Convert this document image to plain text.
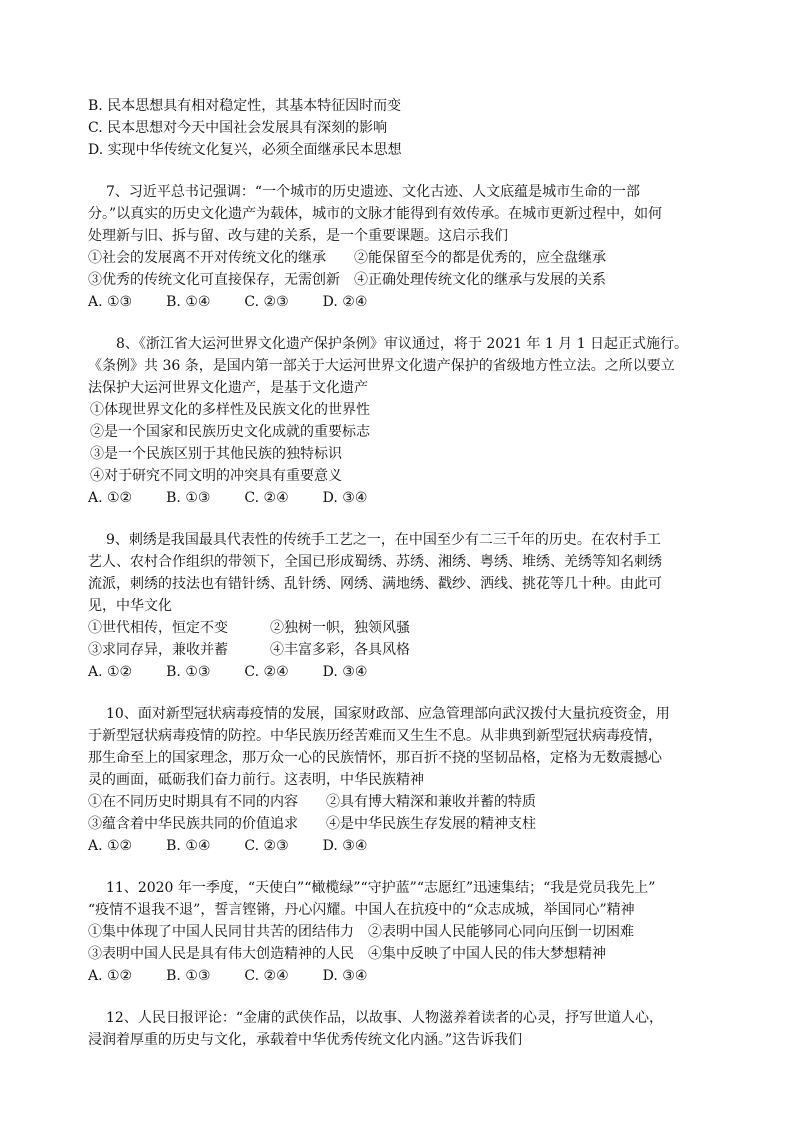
B. 民本思想具有相对稳定性，其基本特征因时而变
C. 民本思想对今天中国社会发展具有深刻的影响
D. 实现中华传统文化复兴，必须全面继承民本思想
7、习近平总书记强调：“一个城市的历史遗迹、文化古迹、人文底蕴是城市生命的一部
分。”以真实的历史文化遗产为载体，城市的文脉才能得到有效传承。在城市更新过程中，如何
处理新与旧、拆与留、改与建的关系，是一个重要课题。这启示我们
①社会的发展离不开对传统文化的继承　　②能保留至今的都是优秀的，应全盘继承
③优秀的传统文化可直接保存，无需创新　④正确处理传统文化的继承与发展的关系
A. ①③ B. ①④ C. ②③ D. ②④
8、《浙江省大运河世界文化遗产保护条例》审议通过，将于 2021 年 1 月 1 日起正式施行。
《条例》共 36 条，是国内第一部关于大运河世界文化遗产保护的省级地方性立法。之所以要立
法保护大运河世界文化遗产，是基于文化遗产
①体现世界文化的多样性及民族文化的世界性
②是一个国家和民族历史文化成就的重要标志
③是一个民族区别于其他民族的独特标识
④对于研究不同文明的冲突具有重要意义
A. ①② B. ①③ C. ②④ D. ③④
9、刺绣是我国最具代表性的传统手工艺之一，在中国至少有二三千年的历史。在农村手工
艺人、农村合作组织的带领下，全国已形成蜀绣、苏绣、湘绣、粤绣、堆绣、羌绣等知名刺绣
流派，刺绣的技法也有错针绣、乱针绣、网绣、满地绣、戳纱、洒线、挑花等几十种。由此可
见，中华文化
①世代相传，恒定不变　　　②独树一帜，独领风骚
③求同存异，兼收并蓄　　　④丰富多彩，各具风格
A. ①② B. ①③ C. ②④ D. ③④
10、面对新型冠状病毒疫情的发展，国家财政部、应急管理部向武汉拨付大量抗疫资金，用
于新型冠状病毒疫情的防控。中华民族历经苦难而又生生不息。从非典到新型冠状病毒疫情，
那生命至上的国家理念，那万众一心的民族情怀，那百折不挠的坚韧品格，定格为无数震撼心
灵的画面，砥砺我们奋力前行。这表明，中华民族精神
①在不同历史时期具有不同的内容　　②具有博大精深和兼收并蓄的特质
③蕴含着中华民族共同的价值追求　　④是中华民族生存发展的精神支柱
A. ①② B. ①④ C. ②③ D. ③④
11、2020 年一季度，“天使白”“橄榄绿”“守护蓝”“志愿红”迅速集结；“我是党员我先上”
“疫情不退我不退”，誓言铿锵，丹心闪耀。中国人在抗疫中的“众志成城，举国同心”精神
①集中体现了中国人民同甘共苦的团结伟力　②表明中国人民能够同心同向压倒一切困难
③表明中国人民是具有伟大创造精神的人民　④集中反映了中国人民的伟大梦想精神
A. ①② B. ①③ C. ②④ D. ③④
12、人民日报评论：“金庸的武侠作品，以故事、人物滋养着读者的心灵，抒写世道人心，
浸润着厚重的历史与文化，承载着中华优秀传统文化内涵。”这告诉我们
